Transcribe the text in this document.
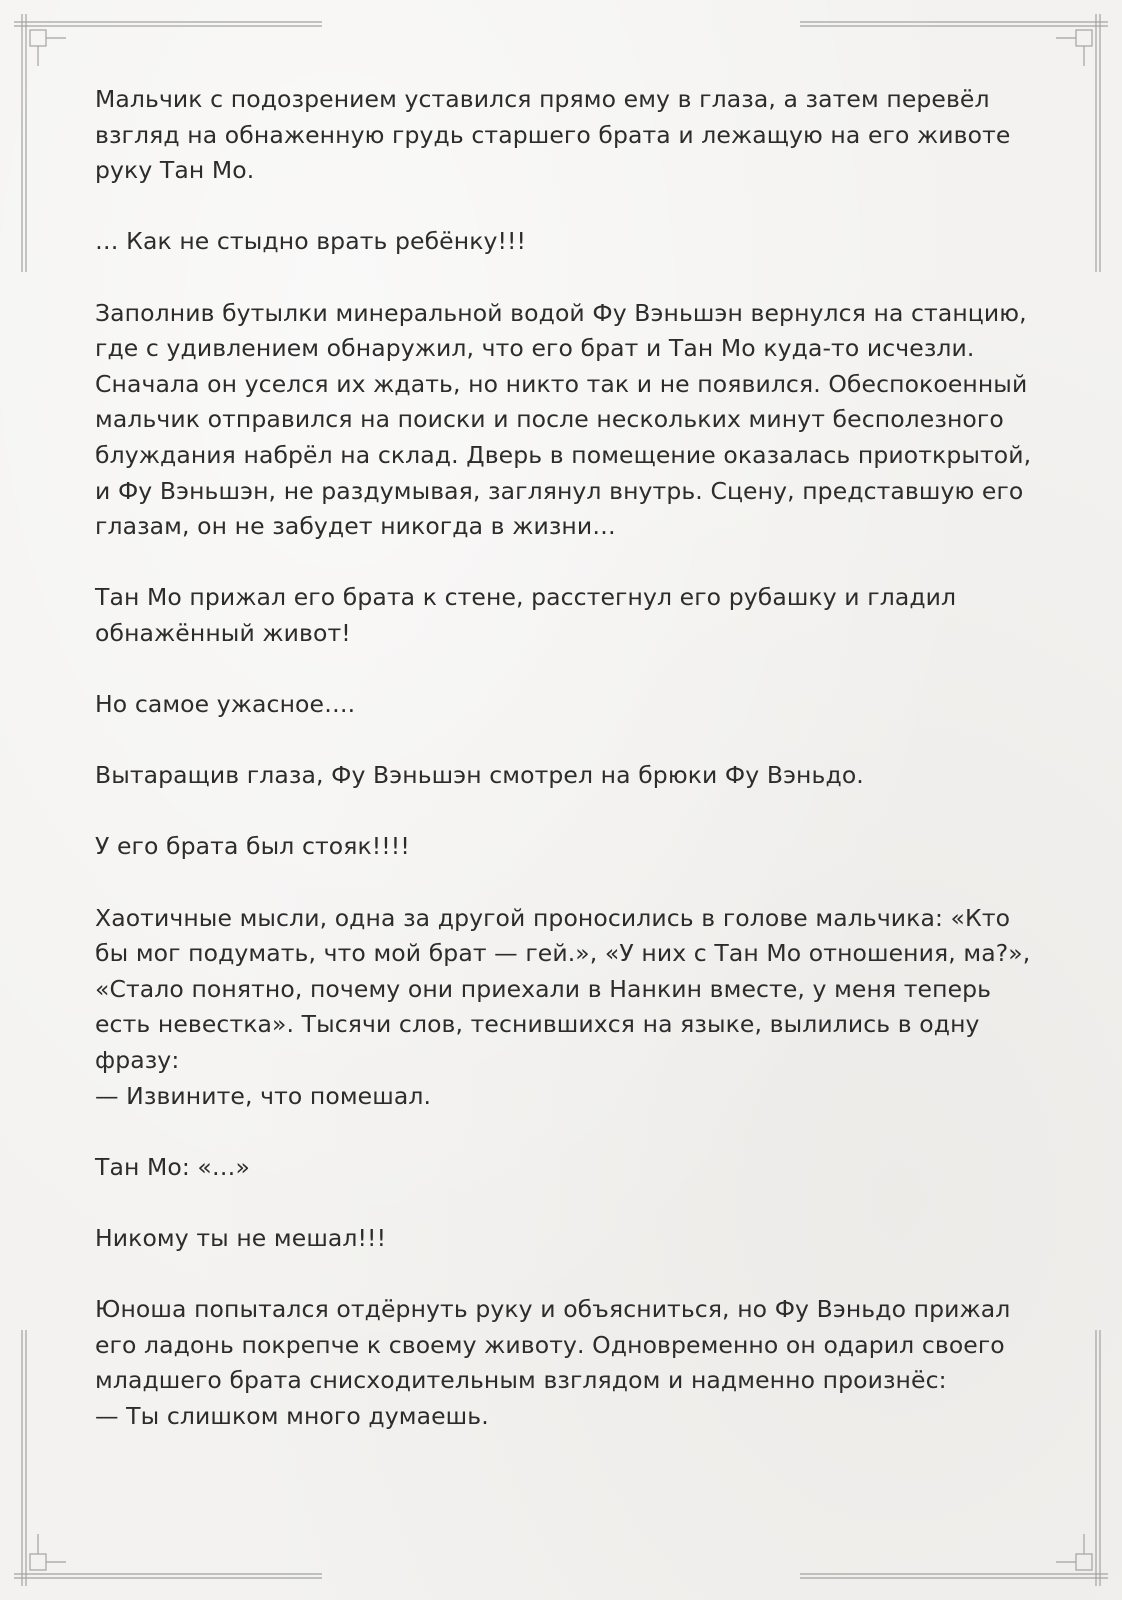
Мальчик с подозрением уставился прямо ему в глаза, а затем перевёл
взгляд на обнаженную грудь старшего брата и лежащую на его животе
руку Тан Мо.
… Как не стыдно врать ребёнку!!!
Заполнив бутылки минеральной водой Фу Вэньшэн вернулся на станцию,
где с удивлением обнаружил, что его брат и Тан Мо куда-то исчезли.
Сначала он уселся их ждать, но никто так и не появился. Обеспокоенный
мальчик отправился на поиски и после нескольких минут бесполезного
блуждания набрёл на склад. Дверь в помещение оказалась приоткрытой,
и Фу Вэньшэн, не раздумывая, заглянул внутрь. Сцену, представшую его
глазам, он не забудет никогда в жизни…
Тан Мо прижал его брата к стене, расстегнул его рубашку и гладил
обнажённый живот!
Но самое ужасное….
Вытаращив глаза, Фу Вэньшэн смотрел на брюки Фу Вэньдо.
У его брата был стояк!!!!
Хаотичные мысли, одна за другой проносились в голове мальчика: «Кто
бы мог подумать, что мой брат — гей.», «У них с Тан Мо отношения, ма?»,
«Стало понятно, почему они приехали в Нанкин вместе, у меня теперь
есть невестка». Тысячи слов, теснившихся на языке, вылились в одну
фразу:
— Извините, что помешал.
Тан Мо: «…»
Никому ты не мешал!!!
Юноша попытался отдёрнуть руку и объясниться, но Фу Вэньдо прижал
его ладонь покрепче к своему животу. Одновременно он одарил своего
младшего брата снисходительным взглядом и надменно произнёс:
— Ты слишком много думаешь.
